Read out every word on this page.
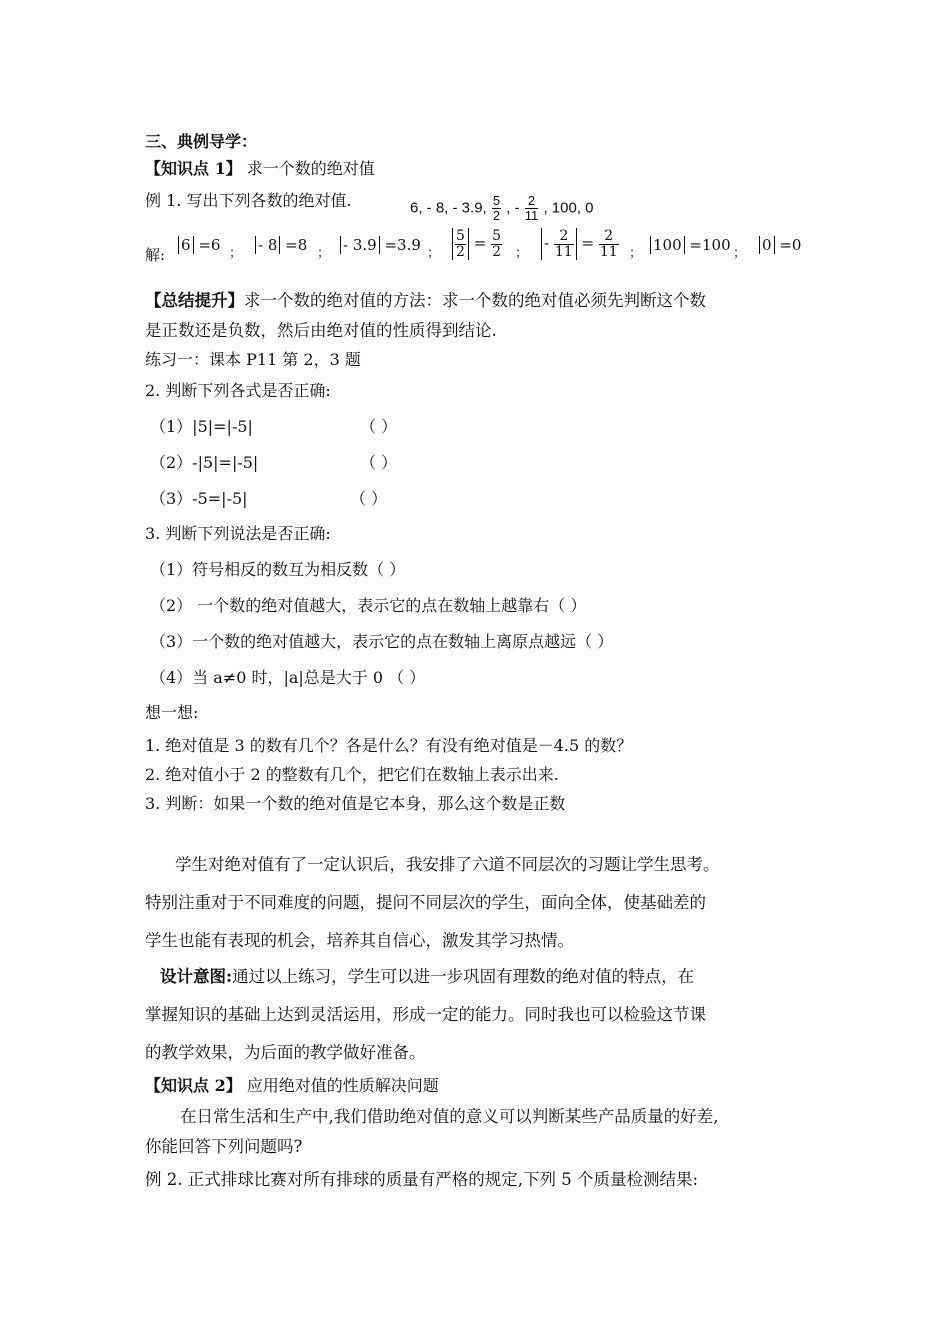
三、典例导学：
【知识点 1】 求一个数的绝对值
例 1. 写出下列各数的绝对值.	6, - 8, - 3.9, $\frac{5}{2}$ , - $\frac{2}{11}$ , 100, 0
解:
6 =6 ； - 8 =8 ； - 3.9 =3.9 ； $\frac{5}{2} = \frac{5}{2}$ ；
- $\frac{2}{11} = \frac{2}{11}$ ； 100 =100 ； 0 =0
【总结提升】求一个数的绝对值的方法：求一个数的绝对值必须先判断这个数
是正数还是负数，然后由绝对值的性质得到结论.
练习一：课本 P11 第 2，3 题
2. 判断下列各式是否正确:
（1）|5|=|-5|	（ ）
（2）-|5|=|-5|	（ ）
（3）-5=|-5|	（ ）
3. 判断下列说法是否正确:
（1）符号相反的数互为相反数（ ）
（2） 一个数的绝对值越大，表示它的点在数轴上越靠右（ ）
（3）一个数的绝对值越大，表示它的点在数轴上离原点越远（ ）
（4）当 a≠0 时，|a|总是大于 0 （ ）
想一想:
1. 绝对值是 3 的数有几个？各是什么？有没有绝对值是－4.5 的数？
2. 绝对值小于 2 的整数有几个，把它们在数轴上表示出来.
3. 判断：如果一个数的绝对值是它本身，那么这个数是正数
学生对绝对值有了一定认识后，我安排了六道不同层次的习题让学生思考。
特别注重对于不同难度的问题，提问不同层次的学生，面向全体，使基础差的
学生也能有表现的机会，培养其自信心，激发其学习热情。
设计意图:通过以上练习，学生可以进一步巩固有理数的绝对值的特点，在
掌握知识的基础上达到灵活运用，形成一定的能力。同时我也可以检验这节课
的教学效果，为后面的教学做好准备。
【知识点 2】 应用绝对值的性质解决问题
在日常生活和生产中,我们借助绝对值的意义可以判断某些产品质量的好差,
你能回答下列问题吗?
例 2. 正式排球比赛对所有排球的质量有严格的规定,下列 5 个质量检测结果:
